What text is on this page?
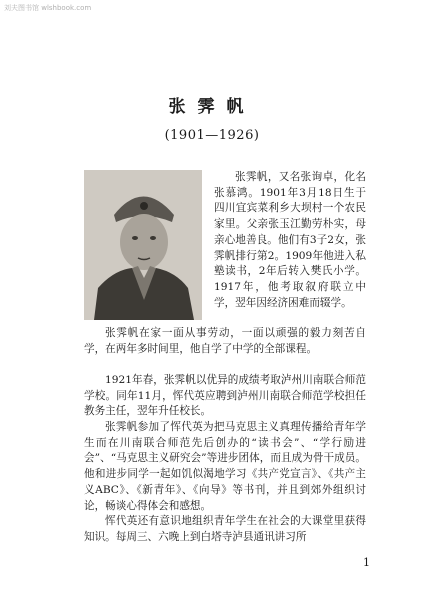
刘夫图书馆 wlshbook.com
张霁帆
(1901—1926)

张霁帆，又名张询卓，化名张慕鸿。1901年3月18日生于四川宜宾菜利乡大坝村一个农民家里。父亲张玉江勤劳朴实，母亲心地善良。他们有3子2女，张霁帆排行第2。1909年他进入私塾读书，2年后转入樊氏小学。1917年，他考取叙府联立中学，翌年因经济困难而辍学。

张霁帆在家一面从事劳动，一面以顽强的毅力刻苦自学，在两年多时间里，他自学了中学的全部课程。

1921年春，张霁帆以优异的成绩考取泸州川南联合师范学校。同年11月，恽代英应聘到泸州川南联合师范学校担任教务主任，翌年升任校长。

张霁帆参加了恽代英为把马克思主义真理传播给青年学生而在川南联合师范先后创办的“读书会”、“学行励进会”、“马克思主义研究会”等进步团体，而且成为骨干成员。他和进步同学一起如饥似渴地学习《共产党宣言》、《共产主义ABC》、《新青年》、《向导》等书刊，并且到郊外组织讨论，畅谈心得体会和感想。

恽代英还有意识地组织青年学生在社会的大课堂里获得知识。每周三、六晚上到白塔寺泸县通讯讲习所

1
